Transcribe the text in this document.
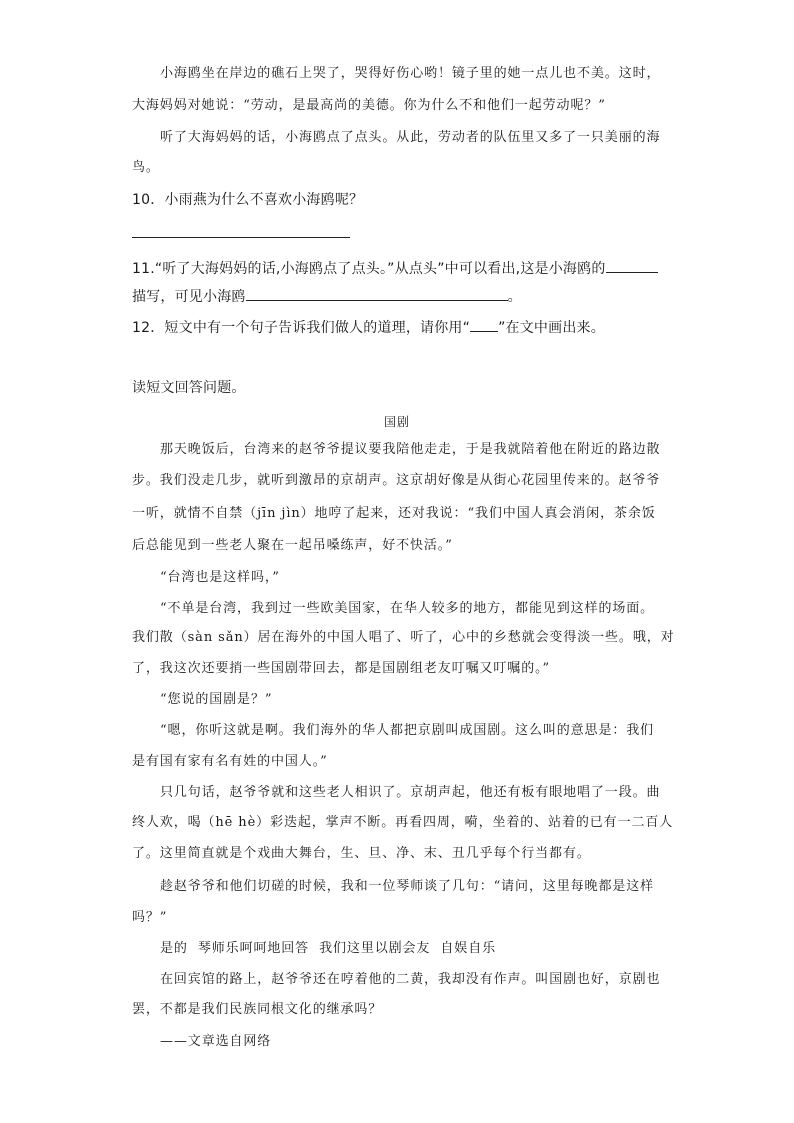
小海鸥坐在岸边的礁石上哭了，哭得好伤心哟！镜子里的她一点儿也不美。这时，
大海妈妈对她说：“劳动，是最高尚的美德。你为什么不和他们一起劳动呢？”
听了大海妈妈的话，小海鸥点了点头。从此，劳动者的队伍里又多了一只美丽的海
鸟。
10．小雨燕为什么不喜欢小海鸥呢？
11.“听了大海妈妈的话,小海鸥点了点头。”从点头”中可以看出,这是小海鸥的
描写，可见小海鸥	。
12．短文中有一个句子告诉我们做人的道理，请你用“ ”在文中画出来。
读短文回答问题。
国剧
那天晚饭后，台湾来的赵爷爷提议要我陪他走走，于是我就陪着他在附近的路边散
步。我们没走几步，就听到激昂的京胡声。这京胡好像是从街心花园里传来的。赵爷爷
一听，就情不自禁（jīn jìn）地哼了起来，还对我说：“我们中国人真会消闲，茶余饭
后总能见到一些老人聚在一起吊嗓练声，好不快活。”
“台湾也是这样吗，”
“不单是台湾，我到过一些欧美国家，在华人较多的地方，都能见到这样的场面。
我们散（sàn sǎn）居在海外的中国人唱了、听了，心中的乡愁就会变得淡一些。哦，对
了，我这次还要捎一些国剧带回去，都是国剧组老友叮嘱又叮嘱的。”
“您说的国剧是？”
“嗯，你听这就是啊。我们海外的华人都把京剧叫成国剧。这么叫的意思是：我们
是有国有家有名有姓的中国人。”
只几句话，赵爷爷就和这些老人相识了。京胡声起，他还有板有眼地唱了一段。曲
终人欢，喝（hē hè）彩迭起，掌声不断。再看四周，嗬，坐着的、站着的已有一二百人
了。这里简直就是个戏曲大舞台，生、旦、净、末、丑几乎每个行当都有。
趁赵爷爷和他们切磋的时候，我和一位琴师谈了几句：“请问，这里每晚都是这样
吗？”
是的  琴师乐呵呵地回答  我们这里以剧会友  自娱自乐
在回宾馆的路上，赵爷爷还在哼着他的二黄，我却没有作声。叫国剧也好，京剧也
罢，不都是我们民族同根文化的继承吗？
——文章选自网络
